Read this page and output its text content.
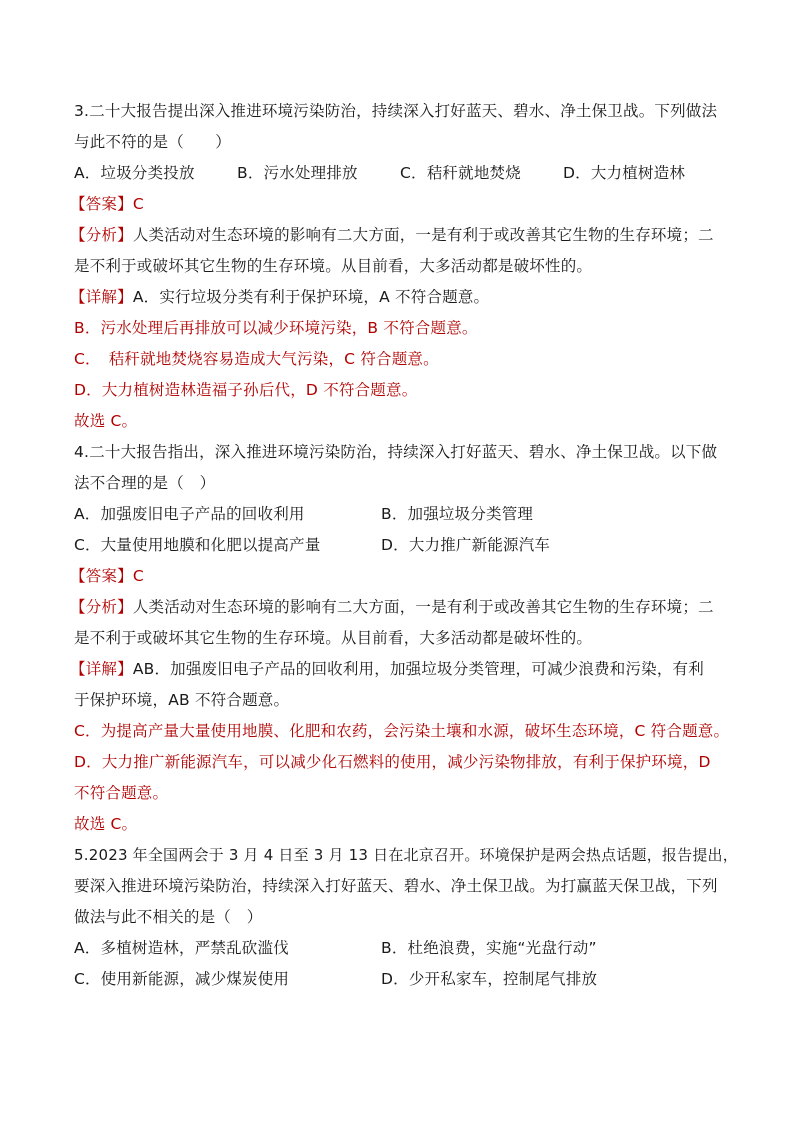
3.二十大报告提出深入推进环境污染防治，持续深入打好蓝天、碧水、净土保卫战。下列做法
与此不符的是（　　）
A．垃圾分类投放	B．污水处理排放	C．秸秆就地焚烧	D．大力植树造林
【答案】C
【分析】人类活动对生态环境的影响有二大方面，一是有利于或改善其它生物的生存环境；二
是不利于或破坏其它生物的生存环境。从目前看，大多活动都是破坏性的。
【详解】A．实行垃圾分类有利于保护环境，A 不符合题意。
B．污水处理后再排放可以减少环境污染，B 不符合题意。
C．　秸秆就地焚烧容易造成大气污染，C 符合题意。
D．大力植树造林造福子孙后代，D 不符合题意。
故选 C。
4.二十大报告指出，深入推进环境污染防治，持续深入打好蓝天、碧水、净土保卫战。以下做
法不合理的是（　）
A．加强废旧电子产品的回收利用	B．加强垃圾分类管理
C．大量使用地膜和化肥以提高产量	D．大力推广新能源汽车
【答案】C
【分析】人类活动对生态环境的影响有二大方面，一是有利于或改善其它生物的生存环境；二
是不利于或破坏其它生物的生存环境。从目前看，大多活动都是破坏性的。
【详解】AB．加强废旧电子产品的回收利用，加强垃圾分类管理，可减少浪费和污染，有利
于保护环境，AB 不符合题意。
C．为提高产量大量使用地膜、化肥和农药，会污染土壤和水源，破坏生态环境，C 符合题意。
D．大力推广新能源汽车，可以减少化石燃料的使用，减少污染物排放，有利于保护环境，D
不符合题意。
故选 C。
5.2023 年全国两会于 3 月 4 日至 3 月 13 日在北京召开。环境保护是两会热点话题，报告提出，
要深入推进环境污染防治，持续深入打好蓝天、碧水、净土保卫战。为打赢蓝天保卫战，下列
做法与此不相关的是（　）
A．多植树造林，严禁乱砍滥伐	B．杜绝浪费，实施“光盘行动”
C．使用新能源，减少煤炭使用	D．少开私家车，控制尾气排放
